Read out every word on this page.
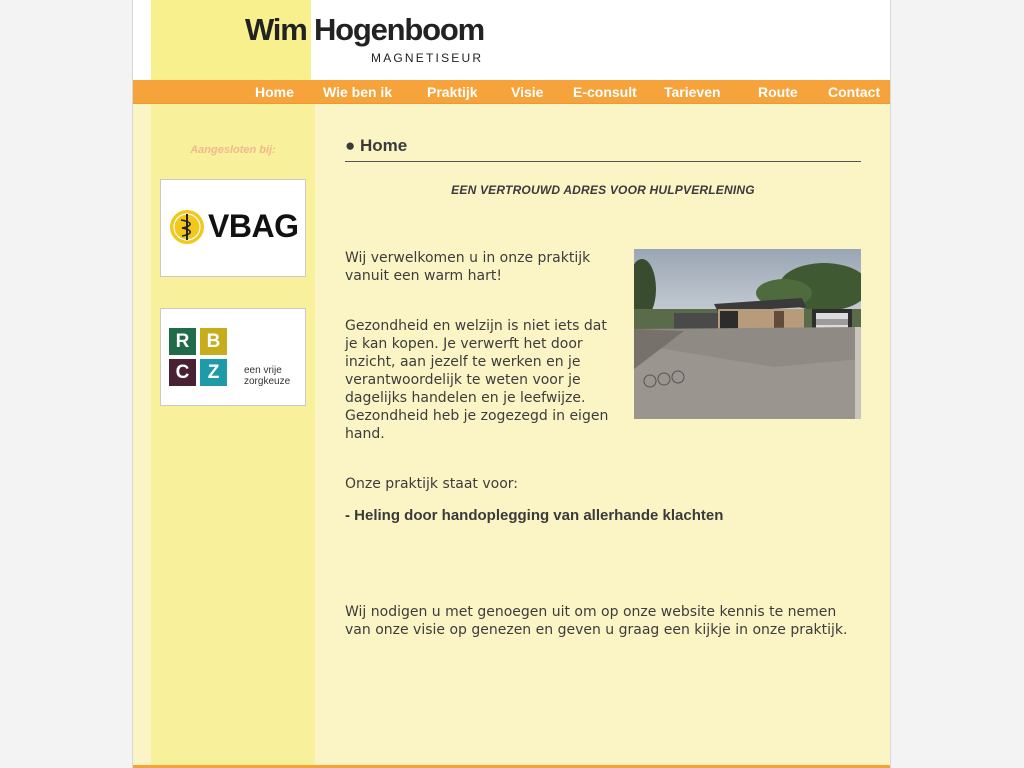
Wim Hogenboom
MAGNETISEUR
Home Wie ben ik Praktijk Visie E-consult Tarieven	Route Contact
Aangesloten bij:
VBAG
R B
C Z	een vrije
zorgkeuze
● Home
EEN VERTROUWD ADRES VOOR HULPVERLENING
Wij verwelkomen u in onze praktijk vanuit een warm hart!
Gezondheid en welzijn is niet iets dat je kan kopen. Je verwerft het door inzicht, aan jezelf te werken en je verantwoordelijk te weten voor je dagelijks handelen en je leefwijze. Gezondheid heb je zogezegd in eigen hand.
Onze praktijk staat voor:
- Heling door handoplegging van allerhande klachten
Wij nodigen u met genoegen uit om op onze website kennis te nemen van onze visie op genezen en geven u graag een kijkje in onze praktijk.
